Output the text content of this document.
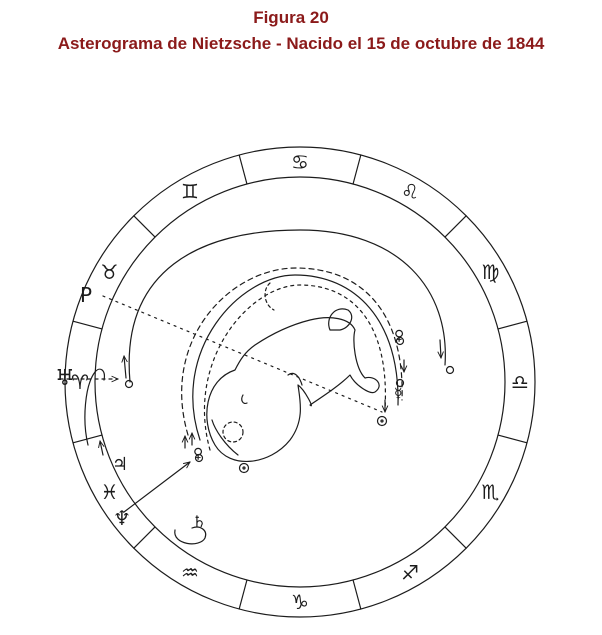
Figura 20
Asterograma de Nietzsche - Nacido el 15 de octubre de 1844
♉
♊
♋
♌
♍
♎
♏
♐
♑
♒
♓
♈
♅
♃
♆	♄
♀
♀
☿
P
